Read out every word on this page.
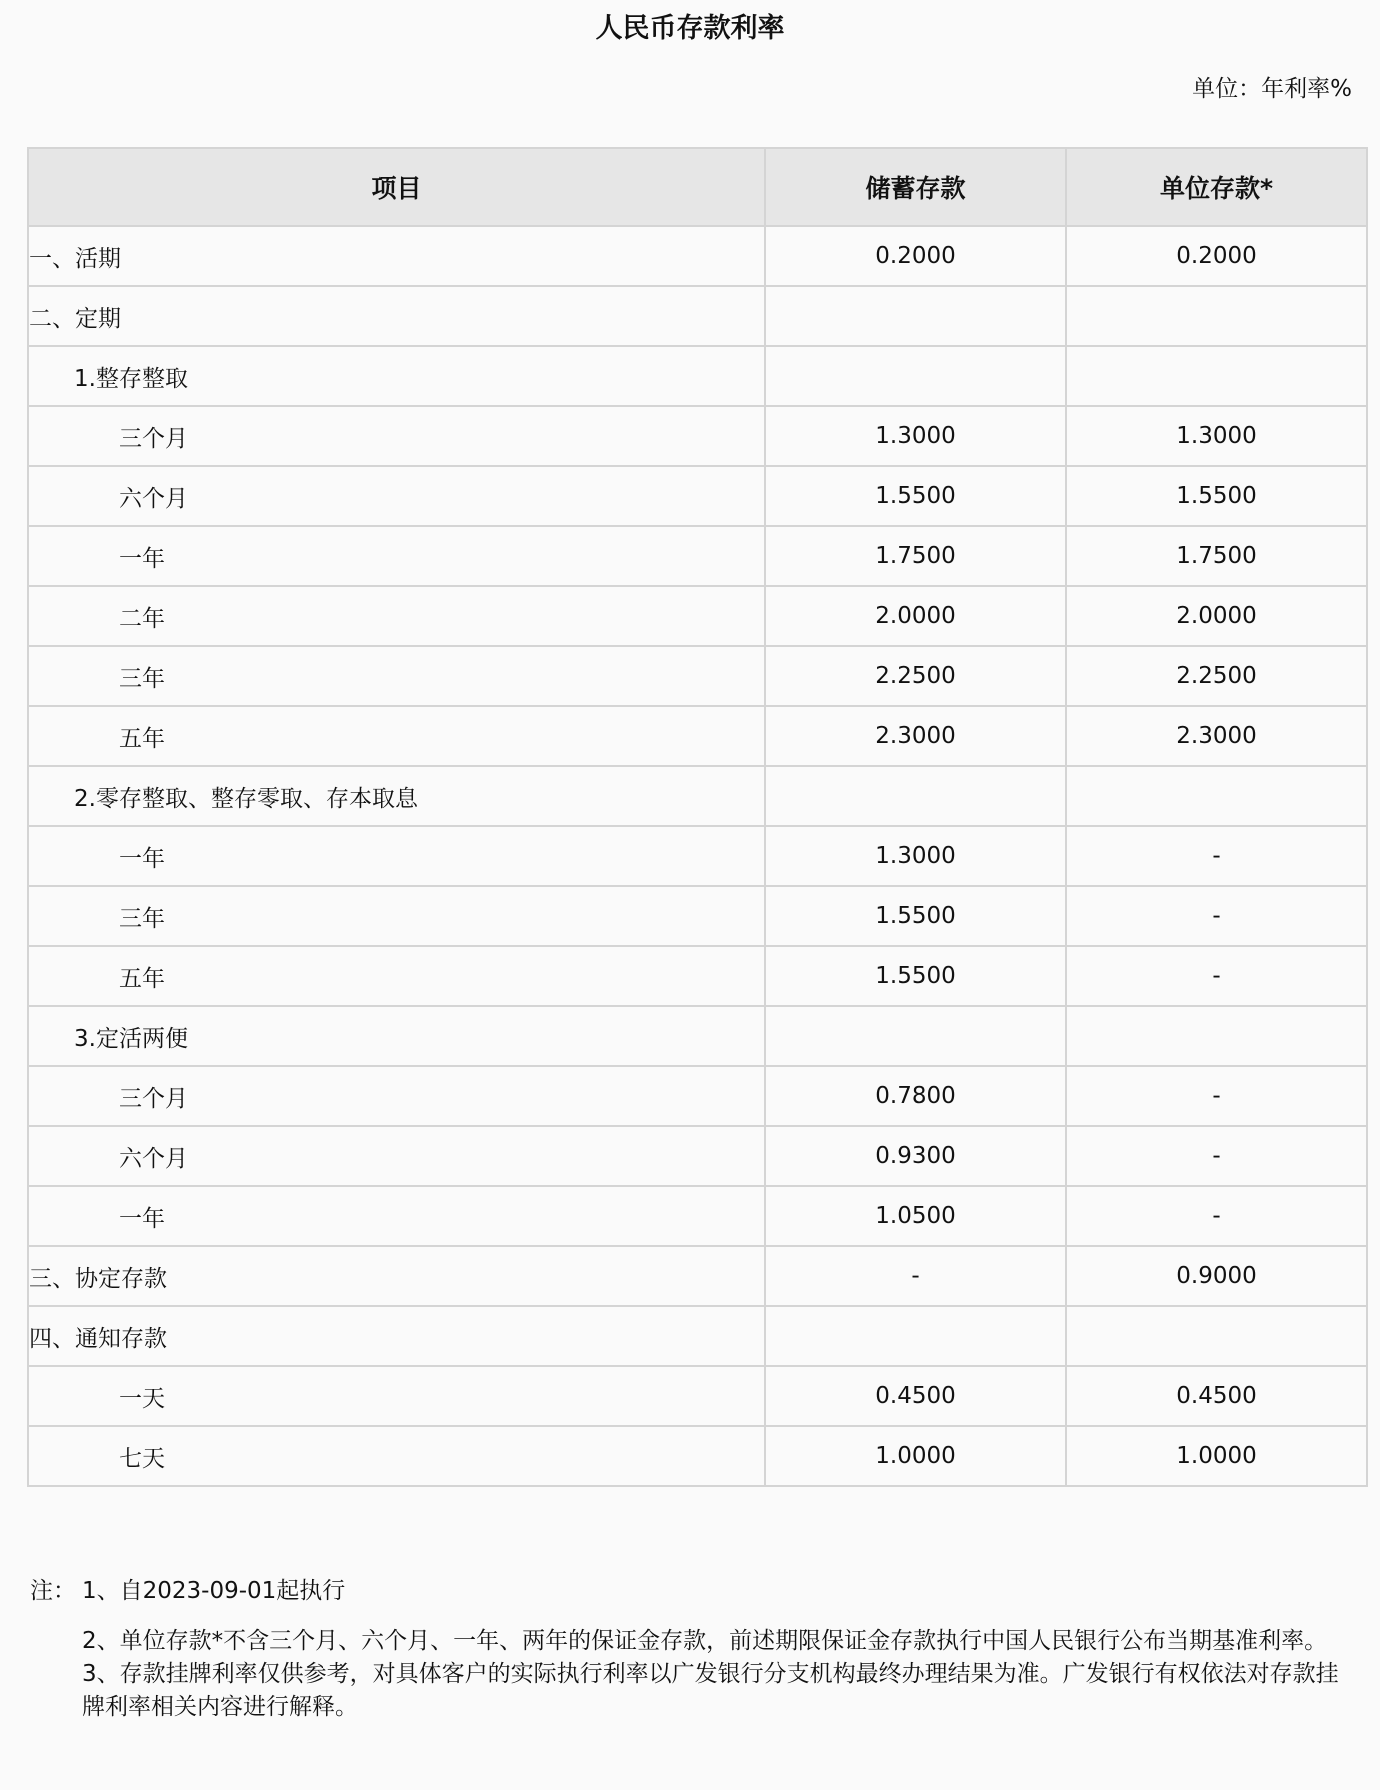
人民币存款利率
单位：年利率%
项目	储蓄存款	单位存款*
一、活期	0.2000	0.2000
二、定期		
1.整存整取		
三个月	1.3000	1.3000
六个月	1.5500	1.5500
一年	1.7500	1.7500
二年	2.0000	2.0000
三年	2.2500	2.2500
五年	2.3000	2.3000
2.零存整取、整存零取、存本取息		
一年	1.3000	-
三年	1.5500	-
五年	1.5500	-
3.定活两便		
三个月	0.7800	-
六个月	0.9300	-
一年	1.0500	-
三、协定存款	-	0.9000
四、通知存款		
一天	0.4500	0.4500
七天	1.0000	1.0000
注： 1、自2023-09-01起执行
2、单位存款*不含三个月、六个月、一年、两年的保证金存款，前述期限保证金存款执行中国人民银行公布当期基准利率。
3、存款挂牌利率仅供参考，对具体客户的实际执行利率以广发银行分支机构最终办理结果为准。广发银行有权依法对存款挂牌利率相关内容进行解释。
